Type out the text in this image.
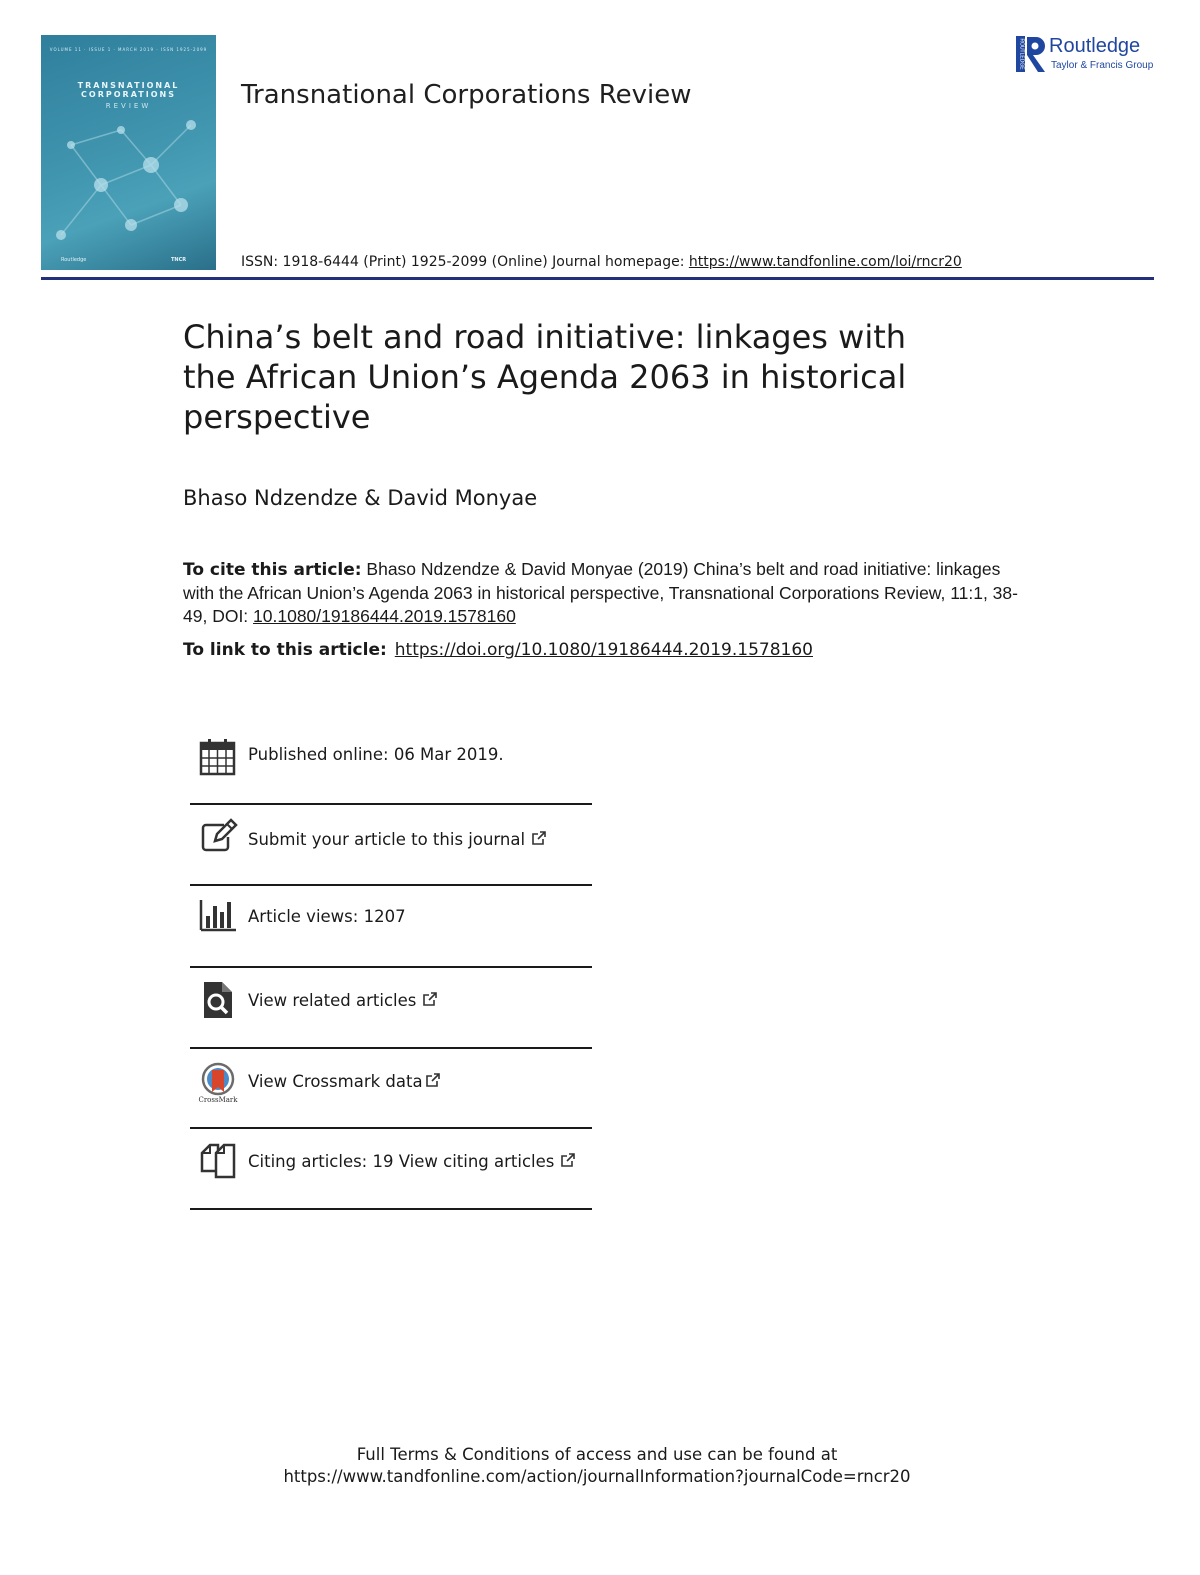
VOLUME 11 · ISSUE 1 · MARCH 2019 · ISSN 1925-2099
TRANSNATIONAL
CORPORATIONS
REVIEW
Routledge	TNCR
Transnational Corporations Review
ISSN: 1918-6444 (Print) 1925-2099 (Online) Journal homepage: https://www.tandfonline.com/loi/rncr20
ROUTLEDGE Routledge
Taylor & Francis Group
China’s belt and road initiative: linkages with the African Union’s Agenda 2063 in historical perspective
Bhaso Ndzendze & David Monyae
To cite this article: Bhaso Ndzendze & David Monyae (2019) China’s belt and road initiative: linkages with the African Union’s Agenda 2063 in historical perspective, Transnational Corporations Review, 11:1, 38-49, DOI: 10.1080/19186444.2019.1578160
To link to this article: https://doi.org/10.1080/19186444.2019.1578160
Published online: 06 Mar 2019.
Submit your article to this journal
Article views: 1207
View related articles
CrossMark
View Crossmark data
Citing articles: 19 View citing articles
Full Terms & Conditions of access and use can be found at
https://www.tandfonline.com/action/journalInformation?journalCode=rncr20
